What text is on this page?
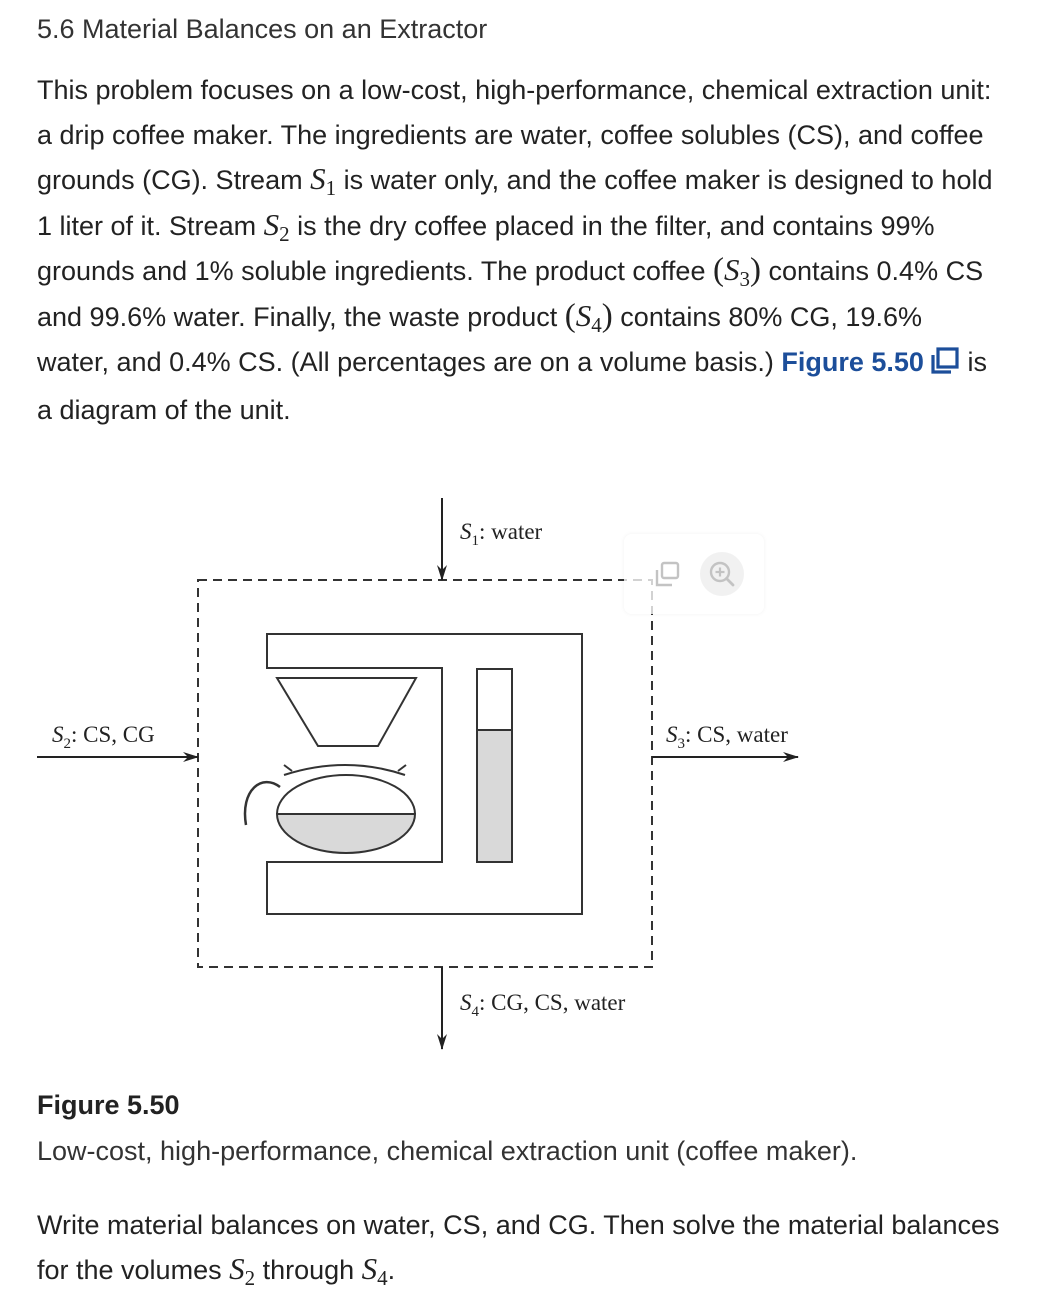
5.6 Material Balances on an Extractor

This problem focuses on a low-cost, high-performance, chemical extraction unit: a drip coffee maker. The ingredients are water, coffee solubles (CS), and coffee grounds (CG). Stream $S_1$ is water only, and the coffee maker is designed to hold 1 liter of it. Stream $S_2$ is the dry coffee placed in the filter, and contains 99% grounds and 1% soluble ingredients. The product coffee $(S_3)$ contains 0.4% CS and 99.6% water. Finally, the waste product $(S_4)$ contains 80% CG, 19.6% water, and 0.4% CS. (All percentages are on a volume basis.) Figure 5.50 is a diagram of the unit.

$S_1$: water
$S_2$: CS, CG	$S_3$: CS, water
$S_4$: CG, CS, water

Figure 5.50

Low-cost, high-performance, chemical extraction unit (coffee maker).

Write material balances on water, CS, and CG. Then solve the material balances for the volumes $S_2$ through $S_4$.
